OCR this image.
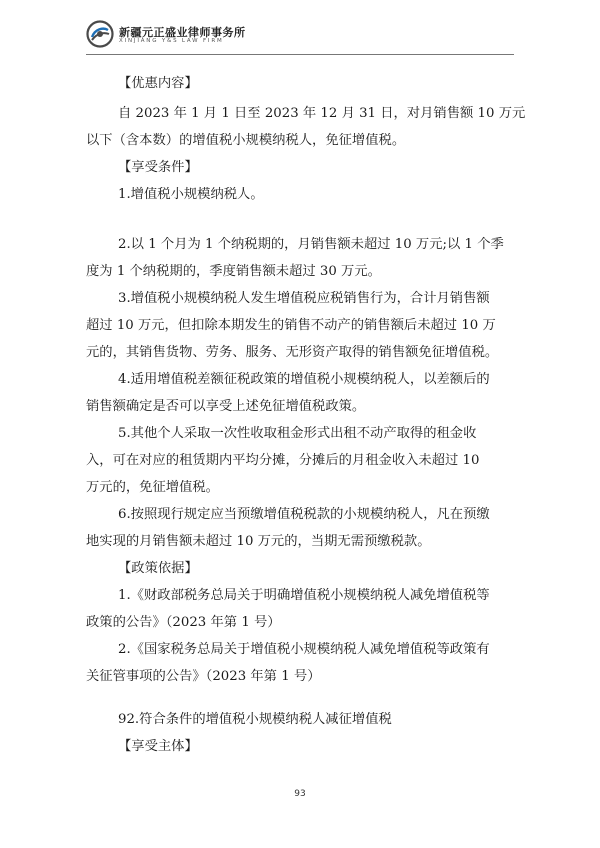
新疆元正盛业律师事务所
XINJIANG Y&S LAW FIRM
【优惠内容】
自 2023 年 1 月 1 日至 2023 年 12 月 31 日，对月销售额 10 万元
以下（含本数）的增值税小规模纳税人，免征增值税。
【享受条件】
1.增值税小规模纳税人。
2.以 1 个月为 1 个纳税期的，月销售额未超过 10 万元;以 1 个季
度为 1 个纳税期的，季度销售额未超过 30 万元。
3.增值税小规模纳税人发生增值税应税销售行为，合计月销售额
超过 10 万元，但扣除本期发生的销售不动产的销售额后未超过 10 万
元的，其销售货物、劳务、服务、无形资产取得的销售额免征增值税。
4.适用增值税差额征税政策的增值税小规模纳税人，以差额后的
销售额确定是否可以享受上述免征增值税政策。
5.其他个人采取一次性收取租金形式出租不动产取得的租金收
入，可在对应的租赁期内平均分摊，分摊后的月租金收入未超过 10
万元的，免征增值税。
6.按照现行规定应当预缴增值税税款的小规模纳税人，凡在预缴
地实现的月销售额未超过 10 万元的，当期无需预缴税款。
【政策依据】
1.《财政部税务总局关于明确增值税小规模纳税人减免增值税等
政策的公告》（2023 年第 1 号）
2.《国家税务总局关于增值税小规模纳税人减免增值税等政策有
关征管事项的公告》（2023 年第 1 号）
92.符合条件的增值税小规模纳税人减征增值税
【享受主体】
93
